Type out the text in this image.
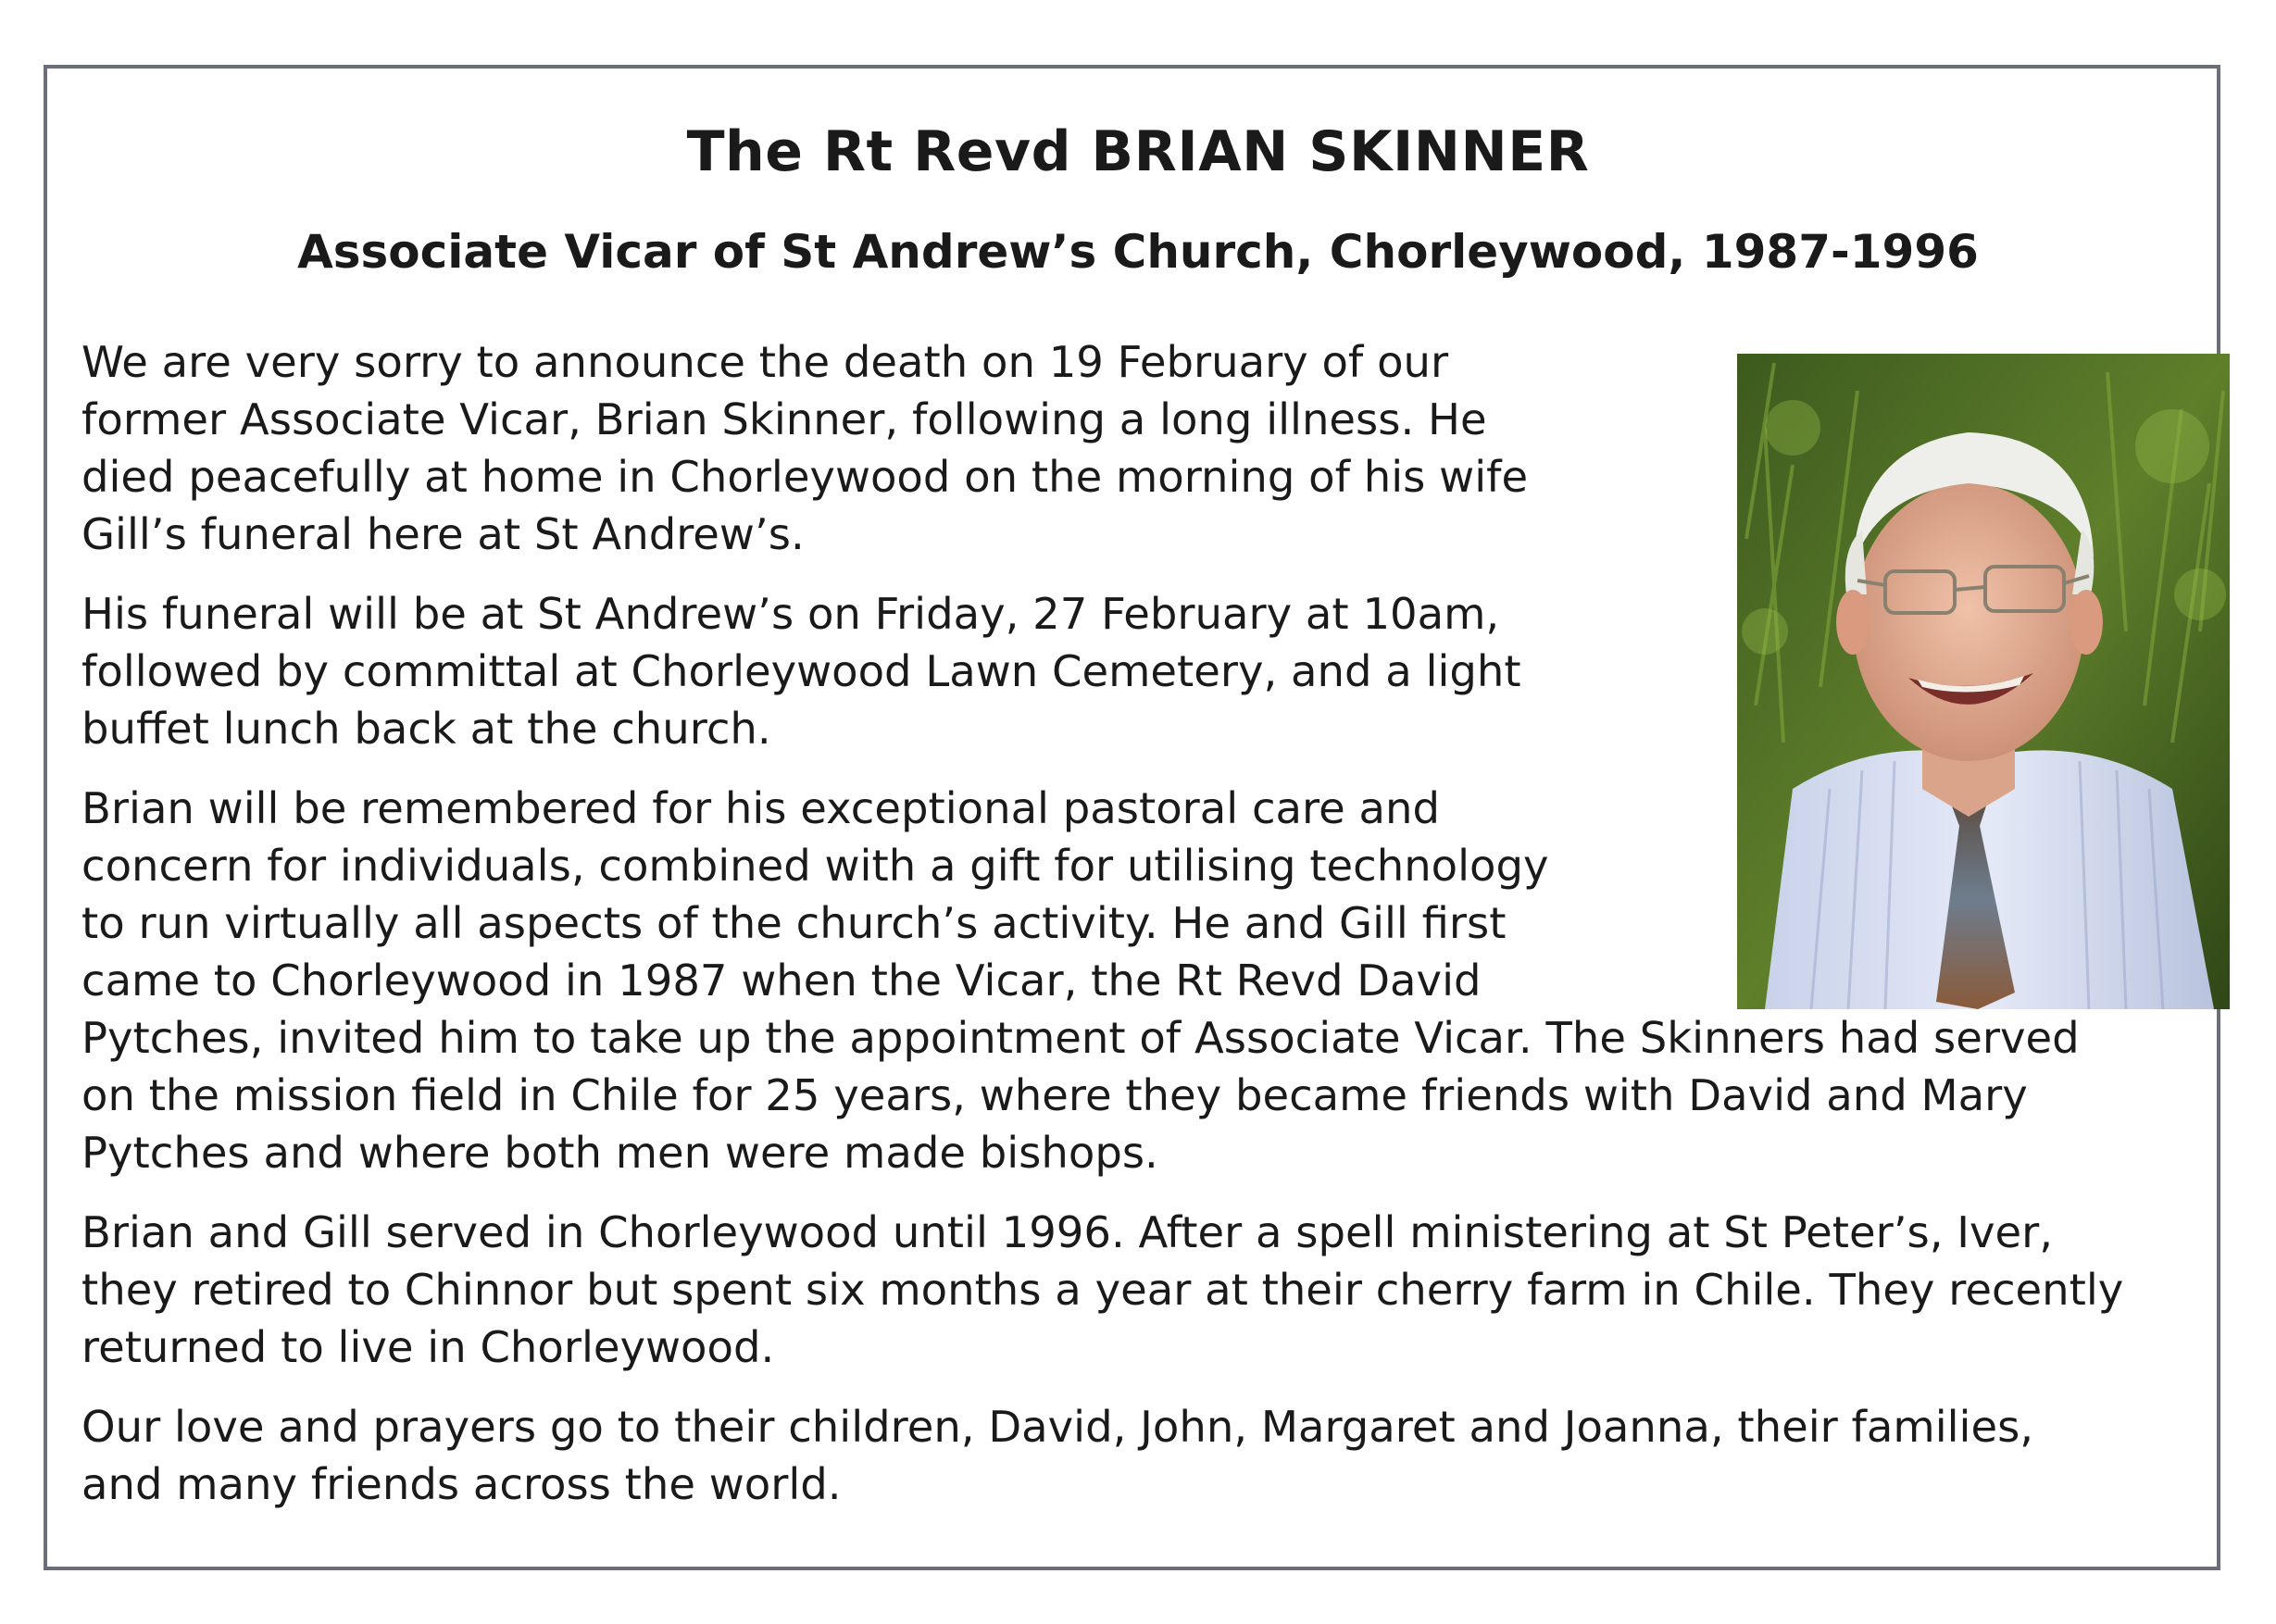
The Rt Revd BRIAN SKINNER
Associate Vicar of St Andrew’s Church, Chorleywood, 1987-1996

We are very sorry to announce the death on 19 February of our
former Associate Vicar, Brian Skinner, following a long illness. He
died peacefully at home in Chorleywood on the morning of his wife
Gill’s funeral here at St Andrew’s.

His funeral will be at St Andrew’s on Friday, 27 February at 10am,
followed by committal at Chorleywood Lawn Cemetery, and a light
buffet lunch back at the church.

Brian will be remembered for his exceptional pastoral care and
concern for individuals, combined with a gift for utilising technology
to run virtually all aspects of the church’s activity. He and Gill first
came to Chorleywood in 1987 when the Vicar, the Rt Revd David
Pytches, invited him to take up the appointment of Associate Vicar. The Skinners had served
on the mission field in Chile for 25 years, where they became friends with David and Mary
Pytches and where both men were made bishops.

Brian and Gill served in Chorleywood until 1996. After a spell ministering at St Peter’s, Iver,
they retired to Chinnor but spent six months a year at their cherry farm in Chile. They recently
returned to live in Chorleywood.

Our love and prayers go to their children, David, John, Margaret and Joanna, their families,
and many friends across the world.
